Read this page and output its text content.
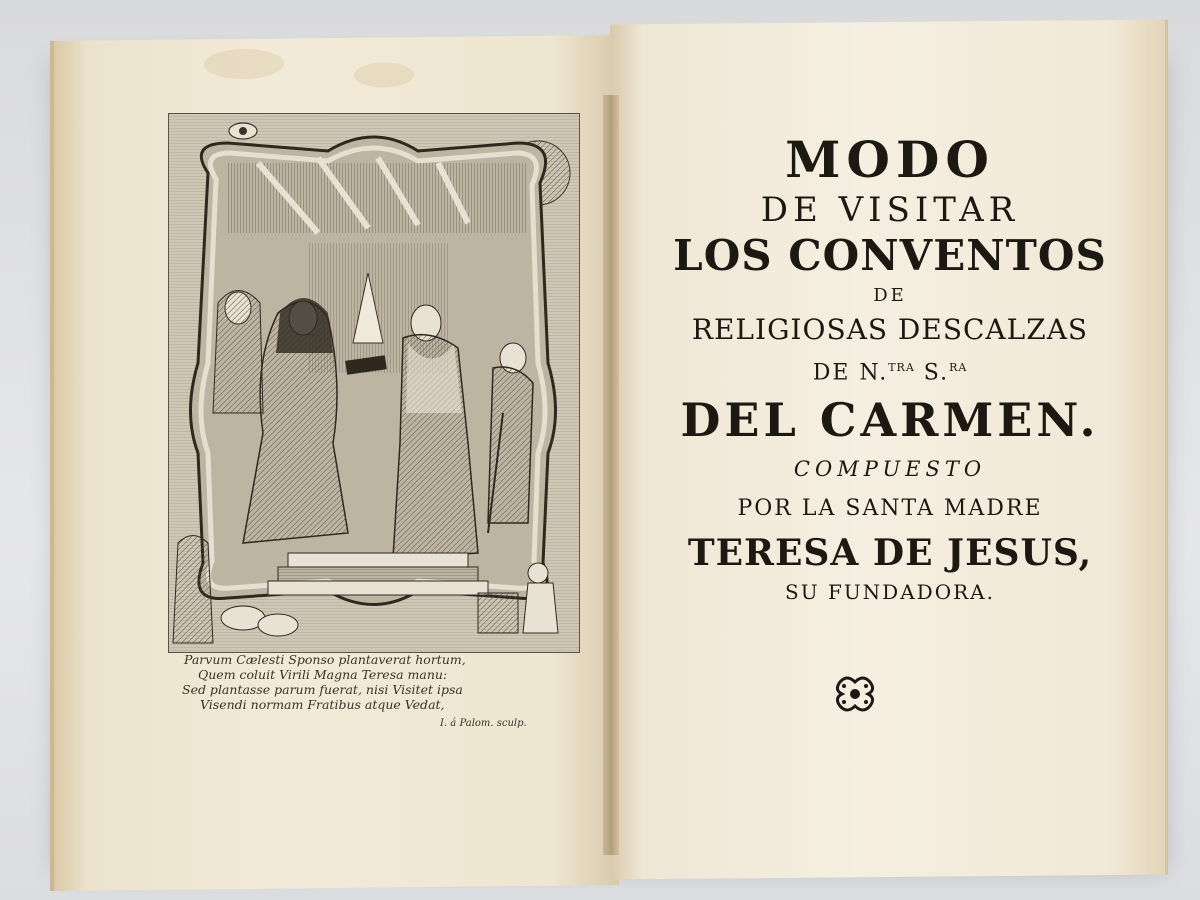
Parvum Cælesti Sponso plantaverat hortum,
Quem coluit Virili Magna Teresa manu:
Sed plantasse parum fuerat, nisi Visitet ipsa
Visendi normam Fratibus atque Vedat,
I. á Palom. sculp.

MODO

DE VISITAR

LOS CONVENTOS

DE

RELIGIOSAS DESCALZAS

DE N.$^{TRA}$ S.$^{RA}$

DEL CARMEN.

COMPUESTO

POR LA SANTA MADRE

TERESA DE JESUS,

SU FUNDADORA.
